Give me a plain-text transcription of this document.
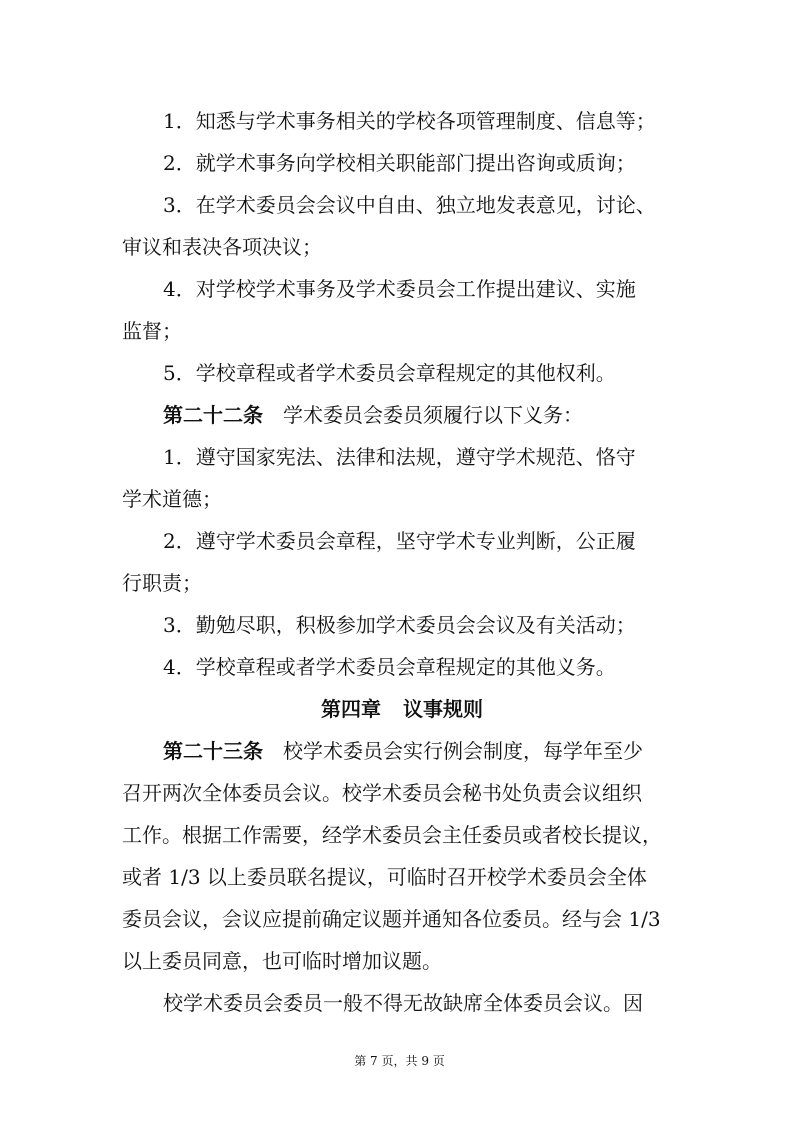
1．知悉与学术事务相关的学校各项管理制度、信息等；

2．就学术事务向学校相关职能部门提出咨询或质询；

3．在学术委员会会议中自由、独立地发表意见，讨论、

审议和表决各项决议；

4．对学校学术事务及学术委员会工作提出建议、实施

监督；

5．学校章程或者学术委员会章程规定的其他权利。

第二十二条 学术委员会委员须履行以下义务：

1．遵守国家宪法、法律和法规，遵守学术规范、恪守

学术道德；

2．遵守学术委员会章程，坚守学术专业判断，公正履

行职责；

3．勤勉尽职，积极参加学术委员会会议及有关活动；

4．学校章程或者学术委员会章程规定的其他义务。

第四章 议事规则

第二十三条 校学术委员会实行例会制度，每学年至少

召开两次全体委员会议。校学术委员会秘书处负责会议组织

工作。根据工作需要，经学术委员会主任委员或者校长提议，

或者 1/3 以上委员联名提议，可临时召开校学术委员会全体

委员会议，会议应提前确定议题并通知各位委员。经与会 1/3

以上委员同意，也可临时增加议题。

校学术委员会委员一般不得无故缺席全体委员会议。因

第 7 页，共 9 页
